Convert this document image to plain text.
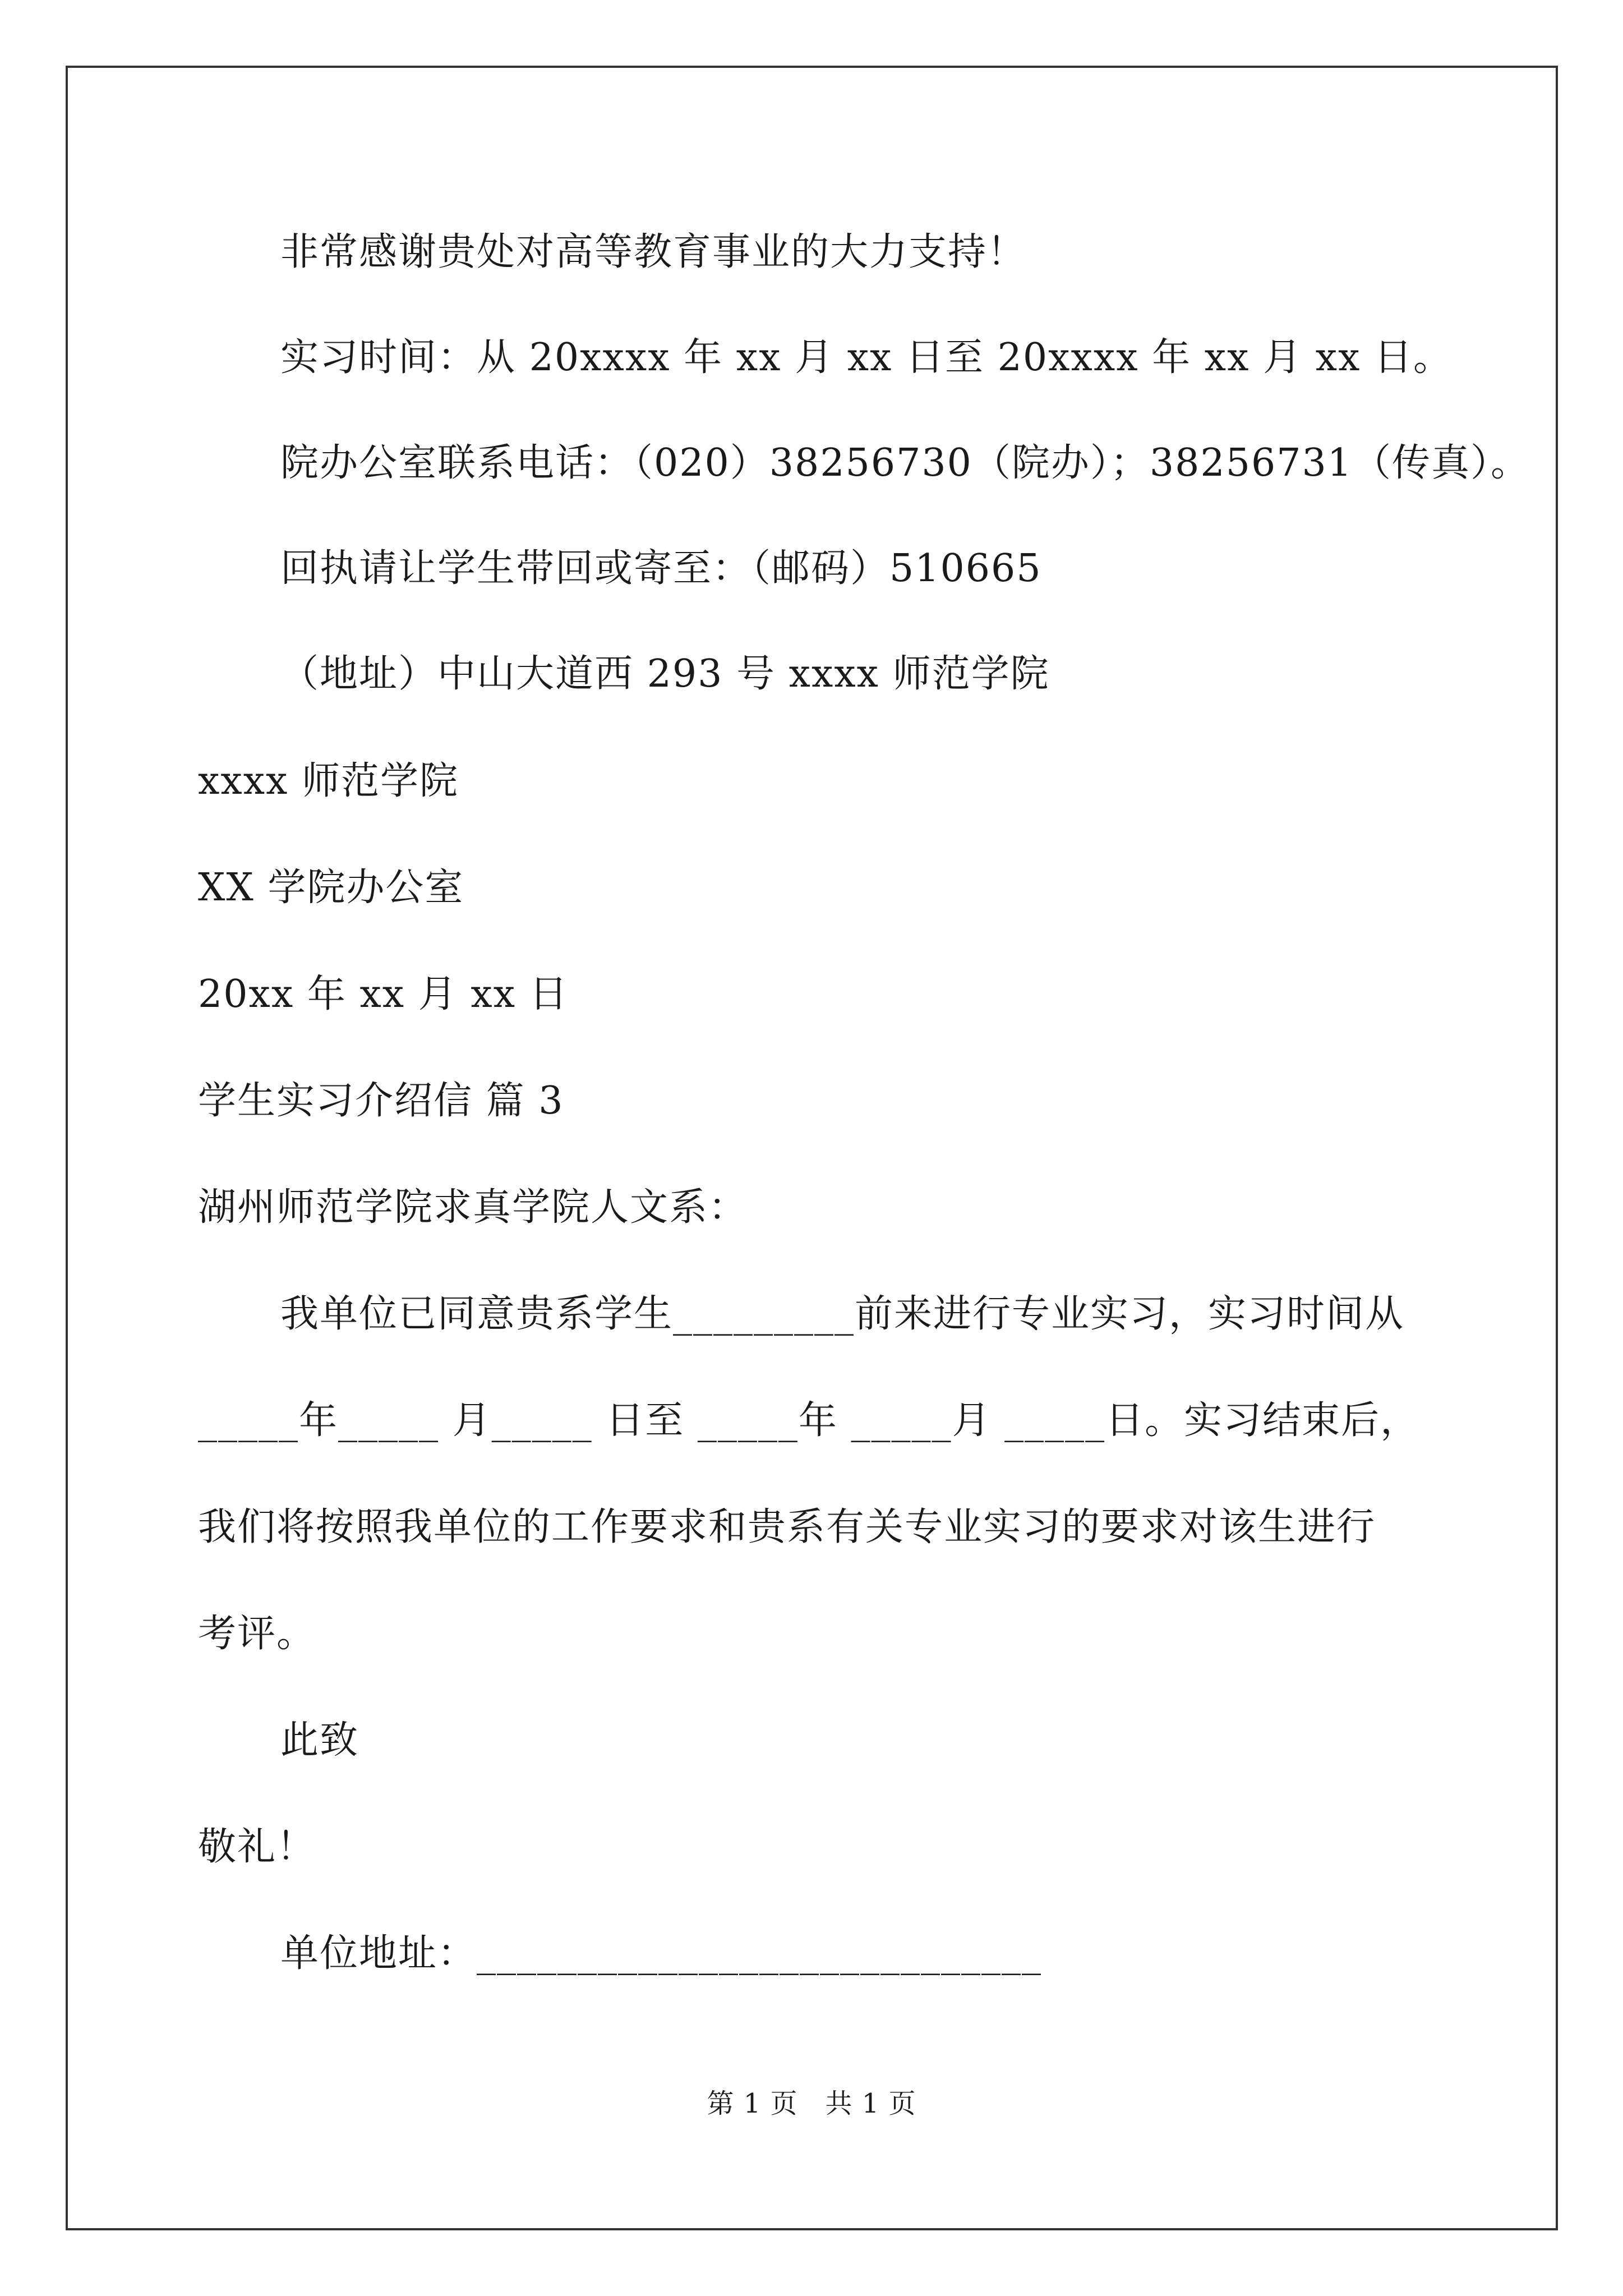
非常感谢贵处对高等教育事业的大力支持！
实习时间：从 20xxxx 年 xx 月 xx 日至 20xxxx 年 xx 月 xx 日。
院办公室联系电话：（020）38256730（院办）；38256731（传真）。
回执请让学生带回或寄至：（邮码）510665
（地址）中山大道西 293 号 xxxx 师范学院
xxxx 师范学院
XX 学院办公室
20xx 年 xx 月 xx 日
学生实习介绍信 篇 3
湖州师范学院求真学院人文系：
我单位已同意贵系学生_________前来进行专业实习，实习时间从
_____年_____ 月_____ 日至 _____年 _____月 _____日。实习结束后，
我们将按照我单位的工作要求和贵系有关专业实习的要求对该生进行
考评。
此致
敬礼！
单位地址：____________________________
第 1 页　共 1 页
